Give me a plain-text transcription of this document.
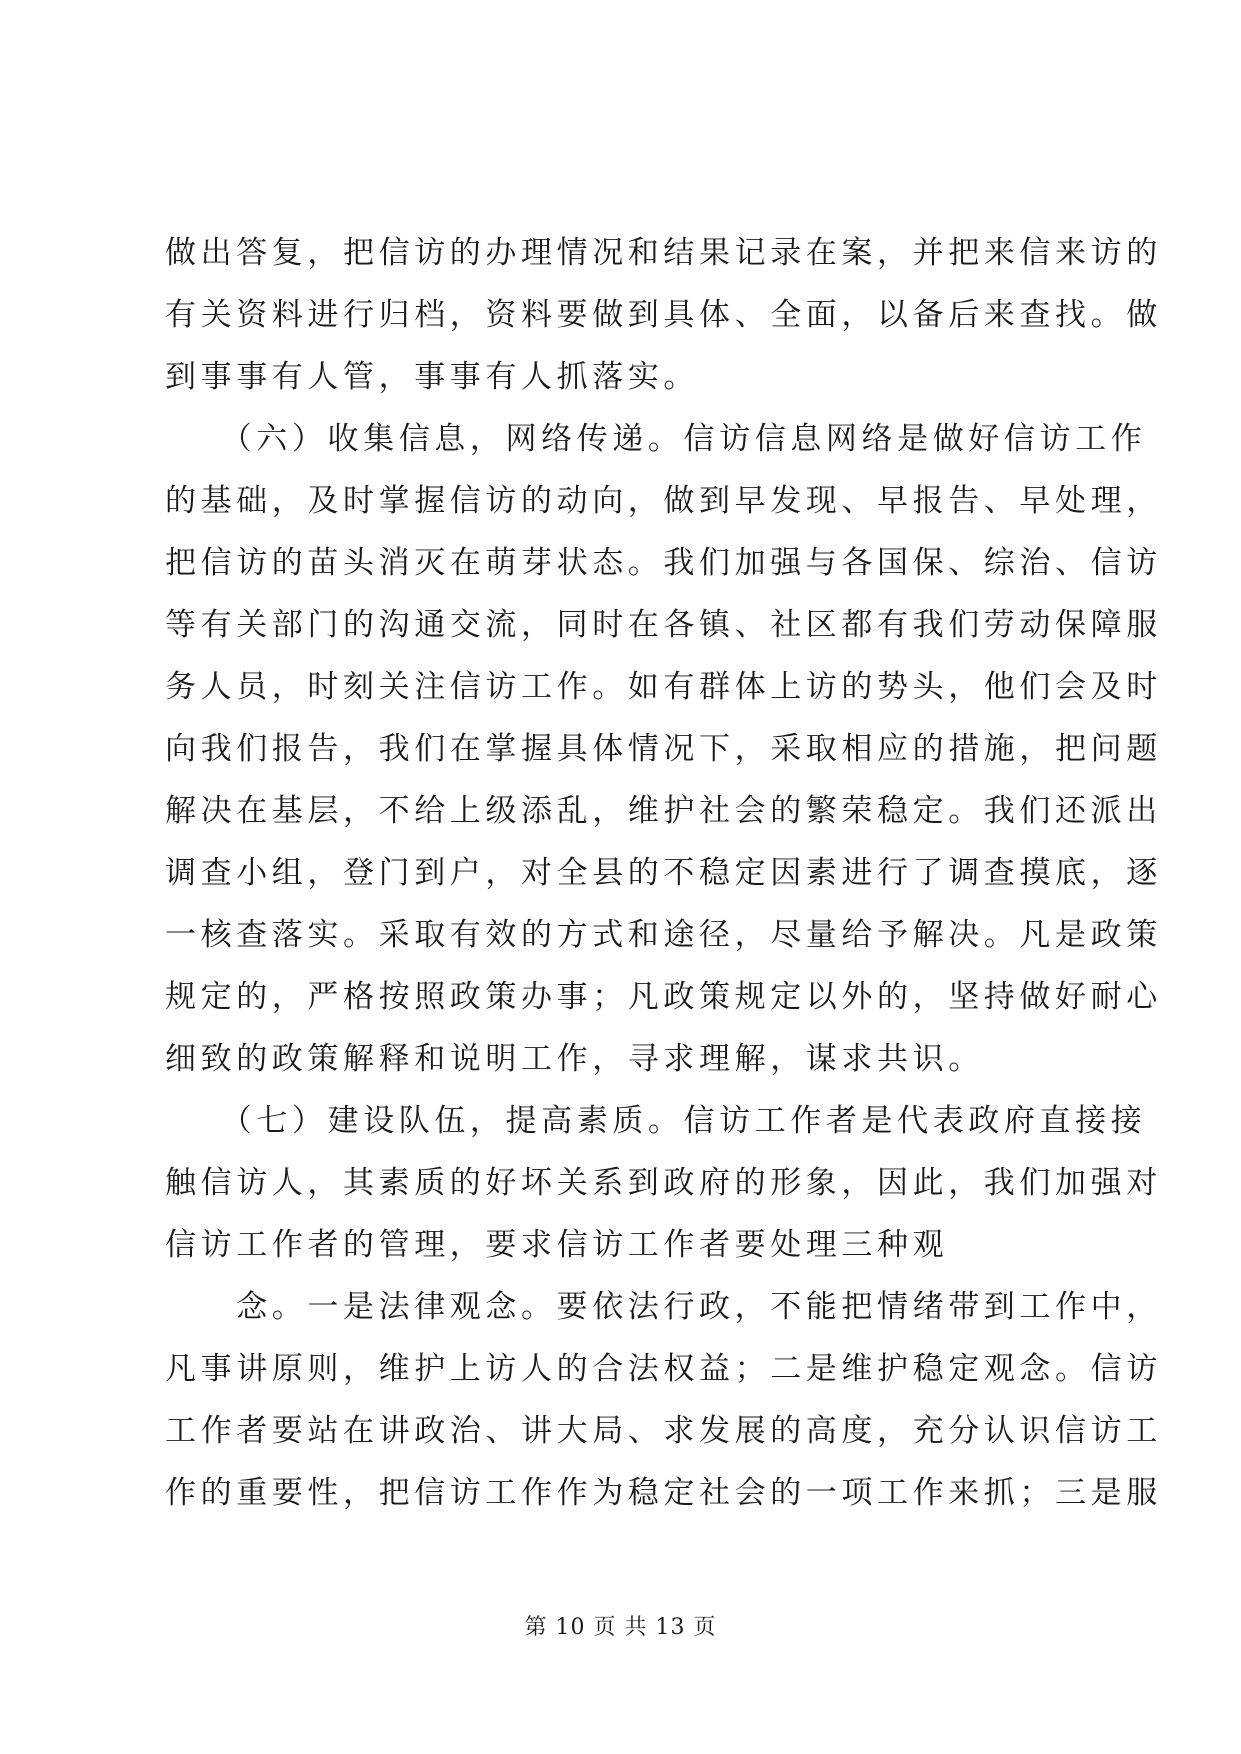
做出答复，把信访的办理情况和结果记录在案，并把来信来访的
有关资料进行归档，资料要做到具体、全面，以备后来查找。做
到事事有人管，事事有人抓落实。
　　（六）收集信息，网络传递。信访信息网络是做好信访工作
的基础，及时掌握信访的动向，做到早发现、早报告、早处理，
把信访的苗头消灭在萌芽状态。我们加强与各国保、综治、信访
等有关部门的沟通交流，同时在各镇、社区都有我们劳动保障服
务人员，时刻关注信访工作。如有群体上访的势头，他们会及时
向我们报告，我们在掌握具体情况下，采取相应的措施，把问题
解决在基层，不给上级添乱，维护社会的繁荣稳定。我们还派出
调查小组，登门到户，对全县的不稳定因素进行了调查摸底，逐
一核查落实。采取有效的方式和途径，尽量给予解决。凡是政策
规定的，严格按照政策办事；凡政策规定以外的，坚持做好耐心
细致的政策解释和说明工作，寻求理解，谋求共识。
　　（七）建设队伍，提高素质。信访工作者是代表政府直接接
触信访人，其素质的好坏关系到政府的形象，因此，我们加强对
信访工作者的管理，要求信访工作者要处理三种观
　　念。一是法律观念。要依法行政，不能把情绪带到工作中，
凡事讲原则，维护上访人的合法权益；二是维护稳定观念。信访
工作者要站在讲政治、讲大局、求发展的高度，充分认识信访工
作的重要性，把信访工作作为稳定社会的一项工作来抓；三是服
第 10 页 共 13 页
